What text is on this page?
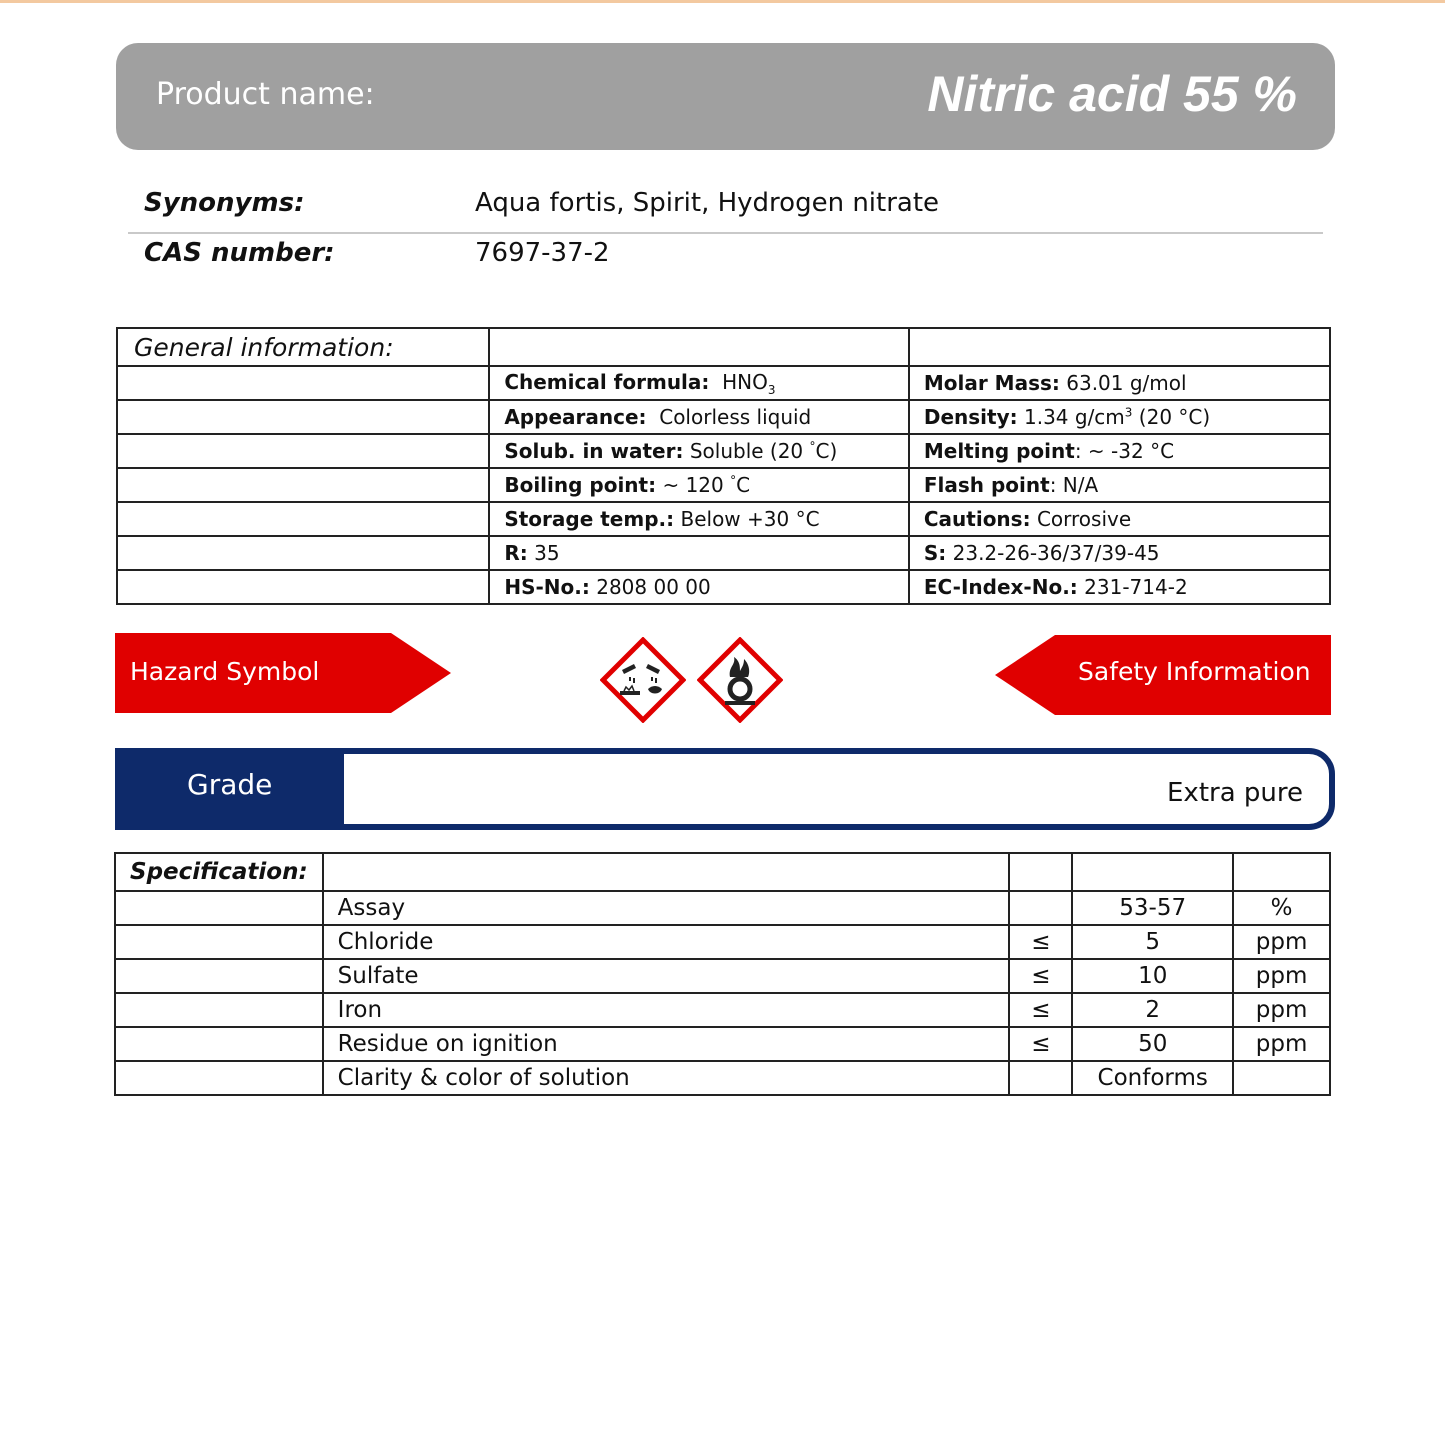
Product name:	Nitric acid 55 %
Synonyms:	Aqua fortis, Spirit, Hydrogen nitrate
CAS number:	7697-37-2
General information:		
	Chemical formula: $HNO_3$	Molar Mass: 63.01 g/mol
	Appearance: Colorless liquid	Density: 1.34 $g/cm^3$ (20 °C)
	Solub. in water: Soluble (20 °C)	Melting point: ~ -32 °C
	Boiling point: ~ 120 °C	Flash point: N/A
	Storage temp.: Below +30 °C	Cautions: Corrosive
	R: 35	S: 23.2-26-36/37/39-45
	HS-No.: 2808 00 00	EC-Index-No.: 231-714-2
Hazard Symbol	Safety Information
Grade	Extra pure
Specification:				
	Assay		53-57	%
	Chloride	≤	5	ppm
	Sulfate	≤	10	ppm
	Iron	≤	2	ppm
	Residue on ignition	≤	50	ppm
	Clarity & color of solution		Conforms	
